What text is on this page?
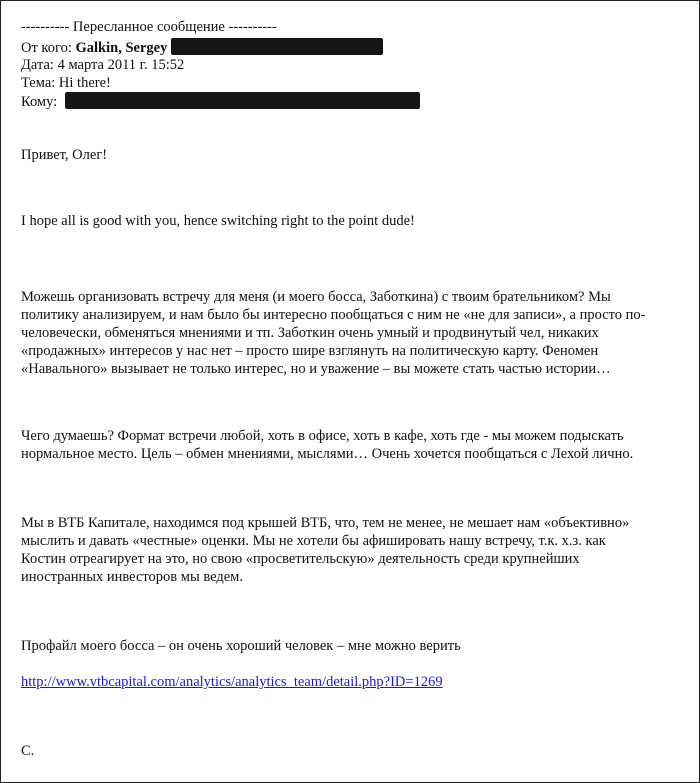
---------- Пересланное сообщение ----------
От кого: Galkin, Sergey
Дата: 4 марта 2011 г. 15:52
Тема: Hi there!
Кому:
Привет, Олег!
I hope all is good with you, hence switching right to the point dude!
Можешь организовать встречу для меня (и моего босса, Заботкина) с твоим брательником? Мы
политику анализируем, и нам было бы интересно пообщаться с ним не «не для записи», а просто по-
человечески, обменяться мнениями и тп. Заботкин очень умный и продвинутый чел, никаких
«продажных» интересов у нас нет – просто шире взглянуть на политическую карту. Феномен
«Навального» вызывает не только интерес, но и уважение – вы можете стать частью истории…
Чего думаешь? Формат встречи любой, хоть в офисе, хоть в кафе, хоть где - мы можем подыскать
нормальное место. Цель – обмен мнениями, мыслями… Очень хочется пообщаться с Лехой лично.
Мы в ВТБ Капитале, находимся под крышей ВТБ, что, тем не менее, не мешает нам «объективно»
мыслить и давать «честные» оценки. Мы не хотели бы афишировать нашу встречу, т.к. х.з. как
Костин отреагирует на это, но свою «просветительскую» деятельность среди крупнейших
иностранных инвесторов мы ведем.
Профайл моего босса – он очень хороший человек – мне можно верить
http://www.vtbcapital.com/analytics/analytics_team/detail.php?ID=1269
С.
